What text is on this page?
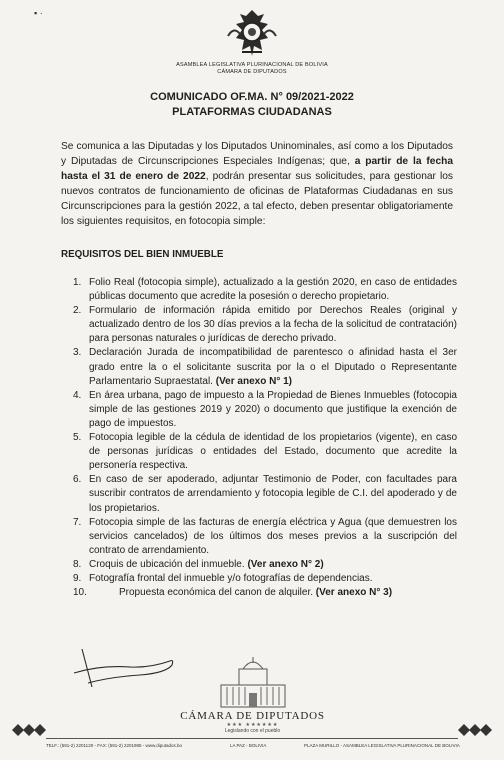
▪ ·
ASAMBLEA LEGISLATIVA PLURINACIONAL DE BOLIVIA
CÁMARA DE DIPUTADOS
COMUNICADO OF.MA. N° 09/2021-2022
PLATAFORMAS CIUDADANAS
Se comunica a las Diputadas y los Diputados Uninominales, así como a los Diputados y Diputadas de Circunscripciones Especiales Indígenas; que, a partir de la fecha hasta el 31 de enero de 2022, podrán presentar sus solicitudes, para gestionar los nuevos contratos de funcionamiento de oficinas de Plataformas Ciudadanas en sus Circunscripciones para la gestión 2022, a tal efecto, deben presentar obligatoriamente los siguientes requisitos, en fotocopia simple:
REQUISITOS DEL BIEN INMUEBLE
1. Folio Real (fotocopia simple), actualizado a la gestión 2020, en caso de entidades públicas documento que acredite la posesión o derecho propietario.
2. Formulario de información rápida emitido por Derechos Reales (original y actualizado dentro de los 30 días previos a la fecha de la solicitud de contratación) para personas naturales o jurídicas de derecho privado.
3. Declaración Jurada de incompatibilidad de parentesco o afinidad hasta el 3er grado entre la o el solicitante suscrita por la o el Diputado o Representante Parlamentario Supraestatal. (Ver anexo N° 1)
4. En área urbana, pago de impuesto a la Propiedad de Bienes Inmuebles (fotocopia simple de las gestiones 2019 y 2020) o documento que justifique la exención de pago de impuestos.
5. Fotocopia legible de la cédula de identidad de los propietarios (vigente), en caso de personas jurídicas o entidades del Estado, documento que acredite la personería respectiva.
6. En caso de ser apoderado, adjuntar Testimonio de Poder, con facultades para suscribir contratos de arrendamiento y fotocopia legible de C.I. del apoderado y de los propietarios.
7. Fotocopia simple de las facturas de energía eléctrica y Agua (que demuestren los servicios cancelados) de los últimos dos meses previos a la suscripción del contrato de arrendamiento.
8. Croquis de ubicación del inmueble. (Ver anexo N° 2)
9. Fotografía frontal del inmueble y/o fotografías de dependencias.
10.	Propuesta económica del canon de alquiler. (Ver anexo N° 3)
CÁMARA DE DIPUTADOS
★★★ ★★★★★★
Legislando con el pueblo
TELF.: (591-2) 2201120 - FAX: (591-2) 2201985 - www.diputados.bo	LA PAZ - BOLIVIA	PLAZA MURILLO - ASAMBLEA LEGISLATIVA PLURINACIONAL DE BOLIVIA
